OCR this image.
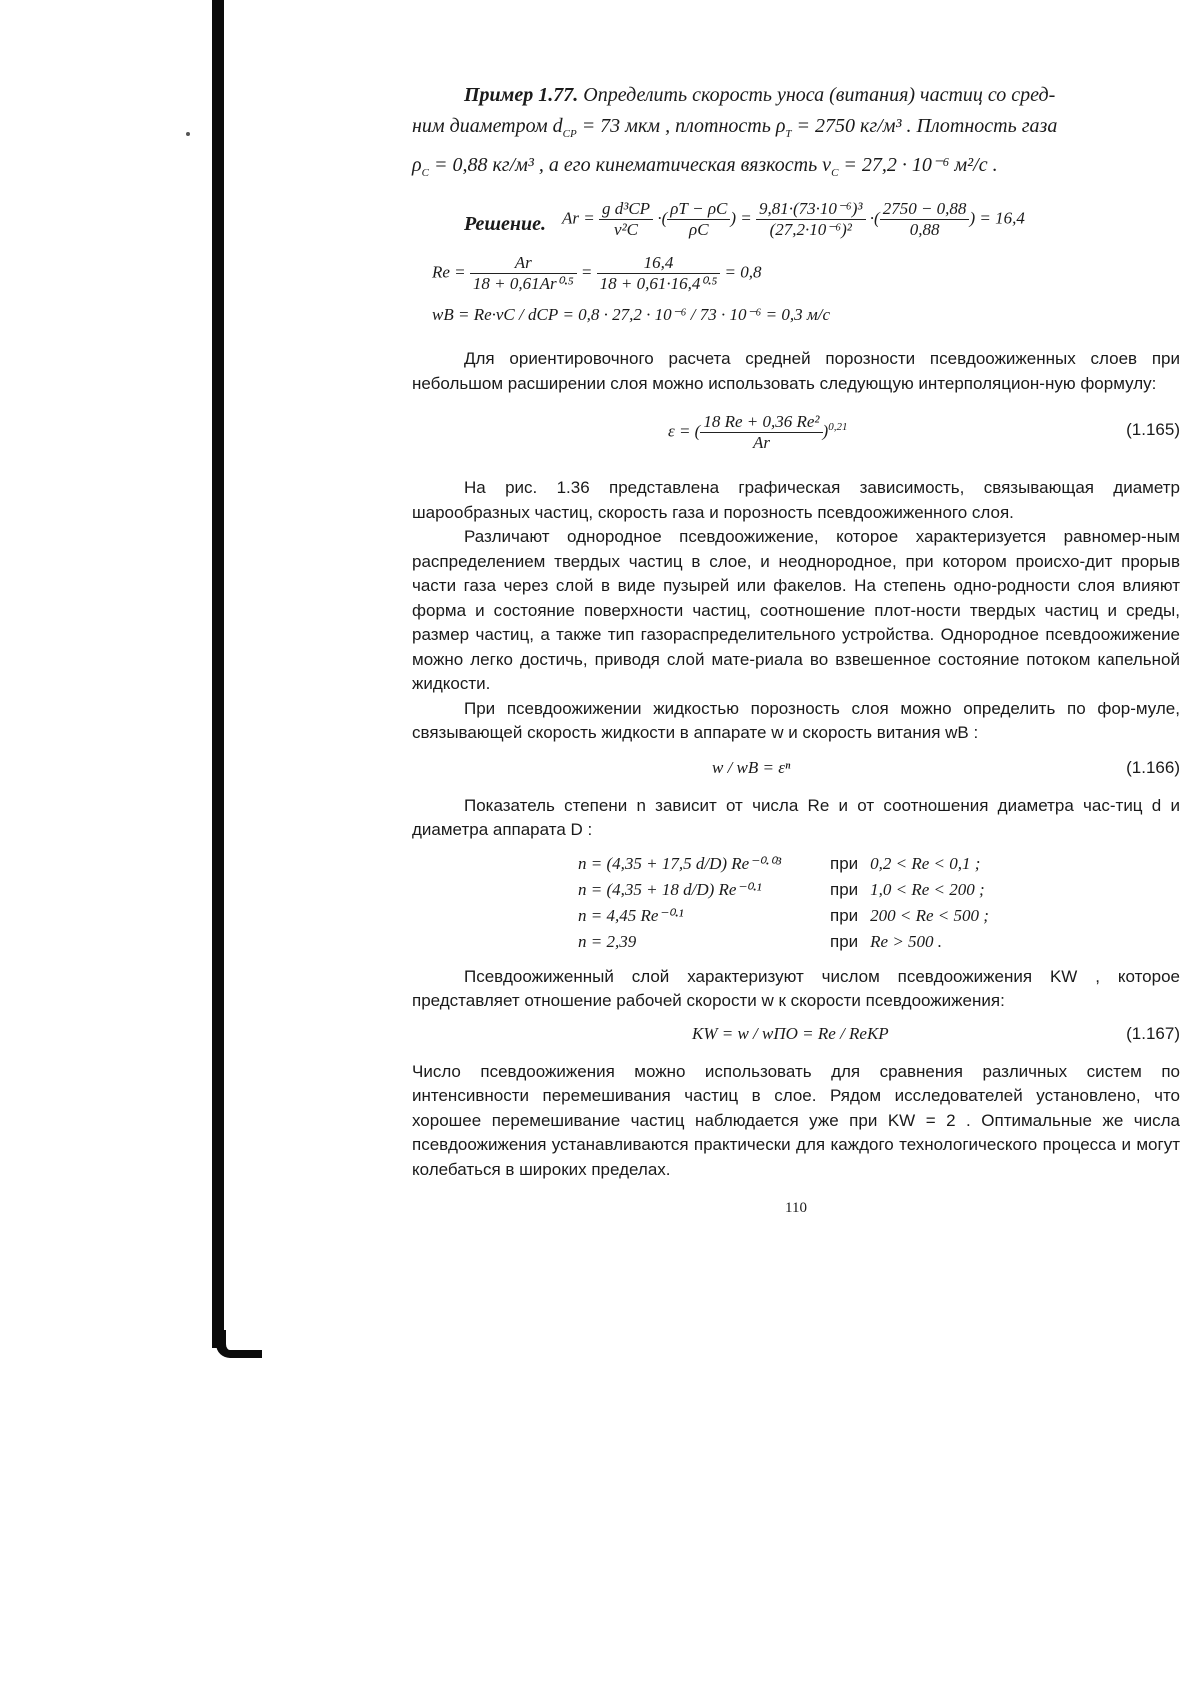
Пример 1.77. Определить скорость уноса (витания) частиц со сред-
ним диаметром $d_{СР} = 73$ мкм , плотность $\rho_Т = 2750$ кг/м³ . Плотность газа
$\rho_С = 0,88$ кг/м³ , а его кинематическая вязкость $\nu_С = 27,2 \cdot 10^{-6}$ м²/с .

Решение. $Ar = \frac{\text{g d³СР}}{\text{ν²С}}$ ·( $\frac{\rho Т - \rho С}{\rho С}$ ) = $\frac{\text{9,81·(73·10⁻⁶)³}}{\text{(27,2·10⁻⁶)²}}$ ·( $\frac{2750 - 0,88}{0,88}$ ) = 16,4
$Re = \frac{Ar}{\text{18 + 0,61Ar⁰·⁵}} = \frac{16,4}{\text{18 + 0,61·16,4⁰·⁵}} = 0,8$
wВ = Re·νС / dСР = 0,8 · 27,2 · 10⁻⁶ / 73 · 10⁻⁶ = 0,3 м/с

Для ориентировочного расчета средней порозности псевдоожиженных слоев при небольшом расширении слоя можно использовать следующую интерполяцион-ную формулу:

ε = ( $\frac{\text{18 Re + 0,36 Re²}}{Ar} )^{0,21}$	(1.165)

На рис. 1.36 представлена графическая зависимость, связывающая диаметр шарообразных частиц, скорость газа и порозность псевдоожиженного слоя.

Различают однородное псевдоожижение, которое характеризуется равномер-ным распределением твердых частиц в слое, и неоднородное, при котором происхо-дит прорыв части газа через слой в виде пузырей или факелов. На степень одно-родности слоя влияют форма и состояние поверхности частиц, соотношение плот-ности твердых частиц и среды, размер частиц, а также тип газораспределительного устройства. Однородное псевдоожижение можно легко достичь, приводя слой мате-риала во взвешенное состояние потоком капельной жидкости.

При псевдоожижении жидкостью порозность слоя можно определить по фор-муле, связывающей скорость жидкости в аппарате w и скорость витания wВ :

w / wВ = εⁿ	(1.166)

Показатель степени n зависит от числа Re и от соотношения диаметра час-тиц d и диаметра аппарата D :

n = (4,35 + 17,5 d/D) Re⁻⁰·⁰³	при	0,2 < Re < 0,1 ;
n = (4,35 + 18 d/D) Re⁻⁰·¹	при	1,0 < Re < 200 ;
n = 4,45 Re⁻⁰·¹	при	200 < Re < 500 ;
n = 2,39	при	Re > 500 .

Псевдоожиженный слой характеризуют числом псевдоожижения KW , которое представляет отношение рабочей скорости w к скорости псевдоожижения:

KW = w / wПО = Re / ReКР	(1.167)

Число псевдоожижения можно использовать для сравнения различных систем по интенсивности перемешивания частиц в слое. Рядом исследователей установлено, что хорошее перемешивание частиц наблюдается уже при KW = 2 . Оптимальные же числа псевдоожижения устанавливаются практически для каждого технологического процесса и могут колебаться в широких пределах.

110
